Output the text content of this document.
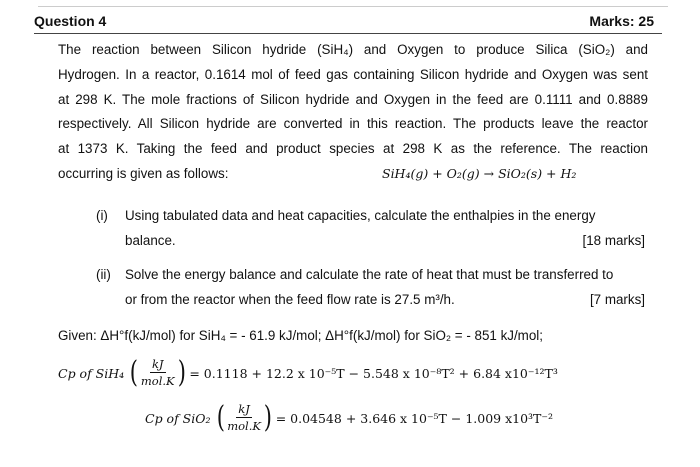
Question 4	Marks: 25
The reaction between Silicon hydride (SiH₄) and Oxygen to produce Silica (SiO₂) and
Hydrogen. In a reactor, 0.1614 mol of feed gas containing Silicon hydride and Oxygen was sent
at 298 K. The mole fractions of Silicon hydride and Oxygen in the feed are 0.1111 and 0.8889
respectively. All Silicon hydride are converted in this reaction. The products leave the reactor
at 1373 K. Taking the feed and product species at 298 K as the reference. The reaction
occurring is given as follows:	SiH₄(g) + O₂(g) → SiO₂(s) + H₂
(i) Using tabulated data and heat capacities, calculate the enthalpies in the energy
balance.	[18 marks]
(ii) Solve the energy balance and calculate the rate of heat that must be transferred to
or from the reactor when the feed flow rate is 27.5 m³/h.	[7 marks]
Given: ΔH°f(kJ/mol) for SiH₄ = - 61.9 kJ/mol; ΔH°f(kJ/mol) for SiO₂ = - 851 kJ/mol;
Cp of SiH₄ ( $\frac{kJ}{\text{mol.K}}$ ) = 0.1118 + 12.2 x 10⁻⁵T − 5.548 x 10⁻⁸T² + 6.84 x10⁻¹²T³
Cp of SiO₂ ( $\frac{kJ}{\text{mol.K}}$ ) = 0.04548 + 3.646 x 10⁻⁵T − 1.009 x10³T⁻²
